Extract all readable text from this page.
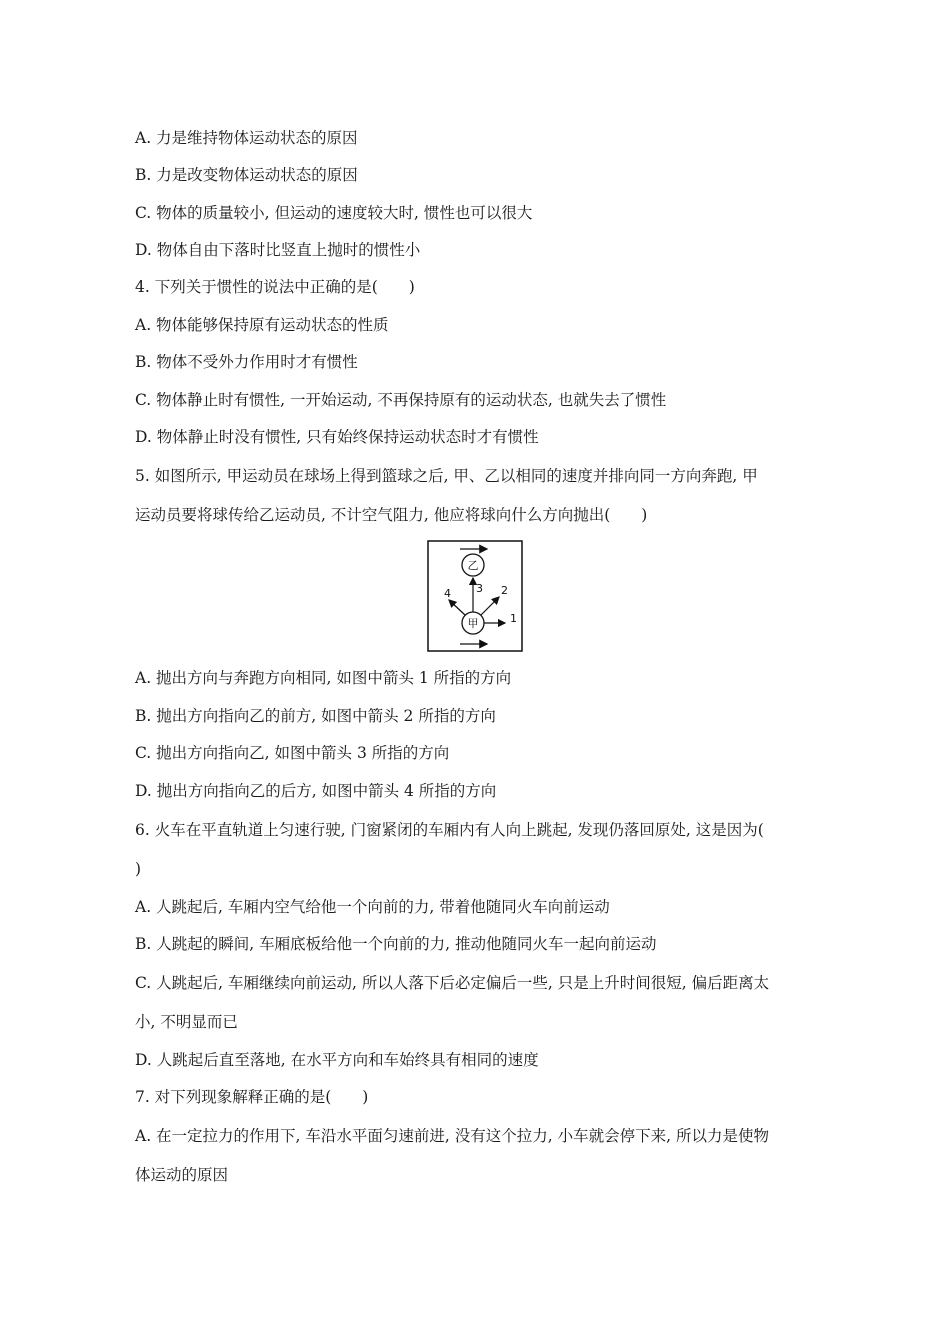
A. 力是维持物体运动状态的原因
B. 力是改变物体运动状态的原因
C. 物体的质量较小, 但运动的速度较大时, 惯性也可以很大
D. 物体自由下落时比竖直上抛时的惯性小
4. 下列关于惯性的说法中正确的是(　　)
A. 物体能够保持原有运动状态的性质
B. 物体不受外力作用时才有惯性
C. 物体静止时有惯性, 一开始运动, 不再保持原有的运动状态, 也就失去了惯性
D. 物体静止时没有惯性, 只有始终保持运动状态时才有惯性
5. 如图所示, 甲运动员在球场上得到篮球之后, 甲、乙以相同的速度并排向同一方向奔跑, 甲
运动员要将球传给乙运动员, 不计空气阻力, 他应将球向什么方向抛出(　　)
乙
甲	1
2
3
4
A. 抛出方向与奔跑方向相同, 如图中箭头 1 所指的方向
B. 抛出方向指向乙的前方, 如图中箭头 2 所指的方向
C. 抛出方向指向乙, 如图中箭头 3 所指的方向
D. 抛出方向指向乙的后方, 如图中箭头 4 所指的方向
6. 火车在平直轨道上匀速行驶, 门窗紧闭的车厢内有人向上跳起, 发现仍落回原处, 这是因为(
)
A. 人跳起后, 车厢内空气给他一个向前的力, 带着他随同火车向前运动
B. 人跳起的瞬间, 车厢底板给他一个向前的力, 推动他随同火车一起向前运动
C. 人跳起后, 车厢继续向前运动, 所以人落下后必定偏后一些, 只是上升时间很短, 偏后距离太
小, 不明显而已
D. 人跳起后直至落地, 在水平方向和车始终具有相同的速度
7. 对下列现象解释正确的是(　　)
A. 在一定拉力的作用下, 车沿水平面匀速前进, 没有这个拉力, 小车就会停下来, 所以力是使物
体运动的原因
